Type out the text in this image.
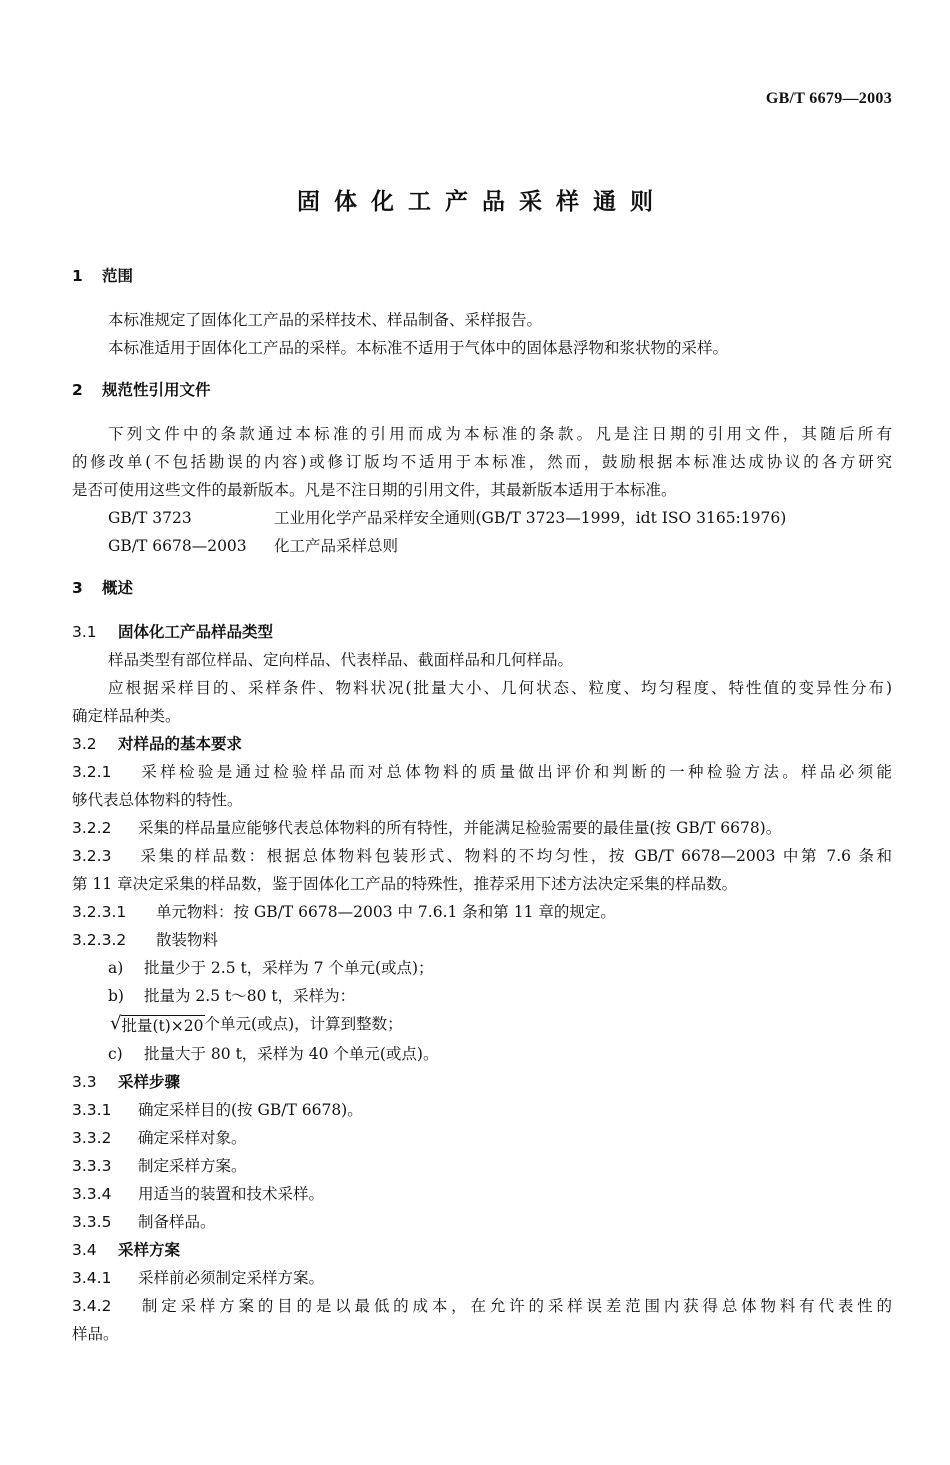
GB/T 6679—2003
固体化工产品采样通则
1 范围
本标准规定了固体化工产品的采样技术、样品制备、采样报告。
本标准适用于固体化工产品的采样。本标准不适用于气体中的固体悬浮物和浆状物的采样。
2 规范性引用文件
下列文件中的条款通过本标准的引用而成为本标准的条款。凡是注日期的引用文件，其随后所有
的修改单(不包括勘误的内容)或修订版均不适用于本标准，然而，鼓励根据本标准达成协议的各方研究
是否可使用这些文件的最新版本。凡是不注日期的引用文件，其最新版本适用于本标准。
GB/T 3723	工业用化学产品采样安全通则(GB/T 3723—1999，idt ISO 3165:1976)
GB/T 6678—2003 化工产品采样总则
3 概述
3.1 固体化工产品样品类型
样品类型有部位样品、定向样品、代表样品、截面样品和几何样品。
应根据采样目的、采样条件、物料状况(批量大小、几何状态、粒度、均匀程度、特性值的变异性分布)
确定样品种类。
3.2 对样品的基本要求
3.2.1 采样检验是通过检验样品而对总体物料的质量做出评价和判断的一种检验方法。样品必须能
够代表总体物料的特性。
3.2.2 采集的样品量应能够代表总体物料的所有特性，并能满足检验需要的最佳量(按 GB/T 6678)。
3.2.3 采集的样品数：根据总体物料包装形式、物料的不均匀性，按 GB/T 6678—2003 中第 7.6 条和
第 11 章决定采集的样品数，鉴于固体化工产品的特殊性，推荐采用下述方法决定采集的样品数。
3.2.3.1 单元物料：按 GB/T 6678—2003 中 7.6.1 条和第 11 章的规定。
3.2.3.2 散装物料
a) 批量少于 2.5 t，采样为 7 个单元(或点)；
b) 批量为 2.5 t～80 t，采样为：
√ 批量(t)×20 个单元(或点)，计算到整数；
c) 批量大于 80 t，采样为 40 个单元(或点)。
3.3 采样步骤
3.3.1 确定采样目的(按 GB/T 6678)。
3.3.2 确定采样对象。
3.3.3 制定采样方案。
3.3.4 用适当的装置和技术采样。
3.3.5 制备样品。
3.4 采样方案
3.4.1 采样前必须制定采样方案。
3.4.2 制定采样方案的目的是以最低的成本，在允许的采样误差范围内获得总体物料有代表性的
样品。
